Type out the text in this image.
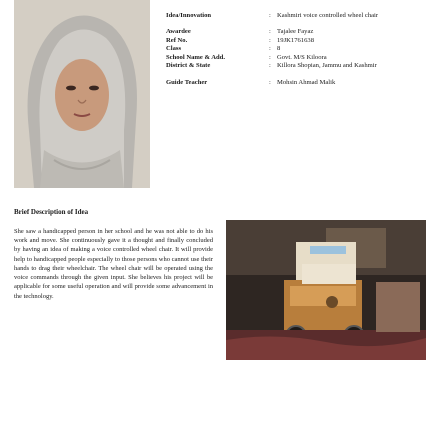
Idea/Innovation	: Kashmiri voice controlled wheel chair
Awardee	: Tajalee Fayaz
Ref No.	: 19JK1761638
Class	: 8
School Name & Add.	: Govt. M/S Kiloora
District & State	: Killora Shopian, Jammu and Kashmir
Guide Teacher	: Mohsin Ahmad Malik
Brief Description of Idea
She saw a handicapped person in her school and he was not able to do his work and move. She continuously gave it a thought and finally concluded by having an idea of making a voice controlled wheel chair. It will provide help to handicapped people especially to those persons who cannot use their hands to drag their wheelchair. The wheel chair will be operated using the voice commands through the given input. She believes his project will be applicable for some useful operation and will provide some advancement in the technology.
